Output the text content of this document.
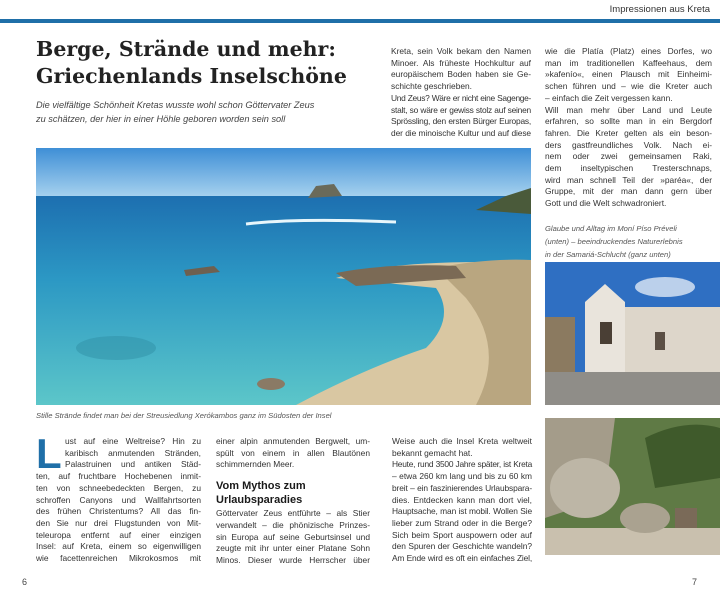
Impressionen aus Kreta
Berge, Strände und mehr:
Griechenlands Inselschöne
Die vielfältige Schönheit Kretas wusste wohl schon Göttervater Zeus
zu schätzen, der hier in einer Höhle geboren worden sein soll
Kreta, sein Volk bekam den Namen
Minoer. Als früheste Hochkultur auf
europäischem Boden haben sie Ge-
schichte geschrieben.
Und Zeus? Wäre er nicht eine Sagenge-
stalt, so wäre er gewiss stolz auf seinen
Sprössling, den ersten Bürger Europas,
der die minoische Kultur und auf diese
wie die Platía (Platz) eines Dorfes, wo
man im traditionellen Kaffeehaus, dem
»kafenío«, einen Plausch mit Einheimi-
schen führen und – wie die Kreter auch
– einfach die Zeit vergessen kann.
Will man mehr über Land und Leute
erfahren, so sollte man in ein Bergdorf
fahren. Die Kreter gelten als ein beson-
ders gastfreundliches Volk. Nach ei-
nem oder zwei gemeinsamen Raki,
dem inseltypischen Tresterschnaps,
wird man schnell Teil der »paréa«, der
Gruppe, mit der man dann gern über
Gott und die Welt schwadroniert.
Glaube und Alltag im Moní Píso Préveli
(unten) – beeindruckendes Naturerlebnis
in der Samariá-Schlucht (ganz unten)
Stille Strände findet man bei der Streusiedlung Xerókambos ganz im Südosten der Insel
L ust auf eine Weltreise? Hin zu
karibisch anmutenden Stränden,
Palastruinen und antiken Städ-
ten, auf fruchtbare Hochebenen inmit-
ten von schneebedeckten Bergen, zu
schroffen Canyons und Wallfahrtsorten
des frühen Christentums? All das fin-
den Sie nur drei Flugstunden von Mit-
teleuropa entfernt auf einer einzigen
Insel: auf Kreta, einem so eigenwilligen
wie facettenreichen Mikrokosmos mit
einer alpin anmutenden Bergwelt, um-
spült von einem in allen Blautönen
schimmernden Meer.
Vom Mythos zum
Urlaubsparadies
Göttervater Zeus entführte – als Stier
verwandelt – die phönizische Prinzes-
sin Europa auf seine Geburtsinsel und
zeugte mit ihr unter einer Platane Sohn
Minos. Dieser wurde Herrscher über
Weise auch die Insel Kreta weltweit
bekannt gemacht hat.
Heute, rund 3500 Jahre später, ist Kreta
– etwa 260 km lang und bis zu 60 km
breit – ein faszinierendes Urlaubspara-
dies. Entdecken kann man dort viel,
Hauptsache, man ist mobil. Wollen Sie
lieber zum Strand oder in die Berge?
Sich beim Sport auspowern oder auf
den Spuren der Geschichte wandeln?
Am Ende wird es oft ein einfaches Ziel,
6	7
